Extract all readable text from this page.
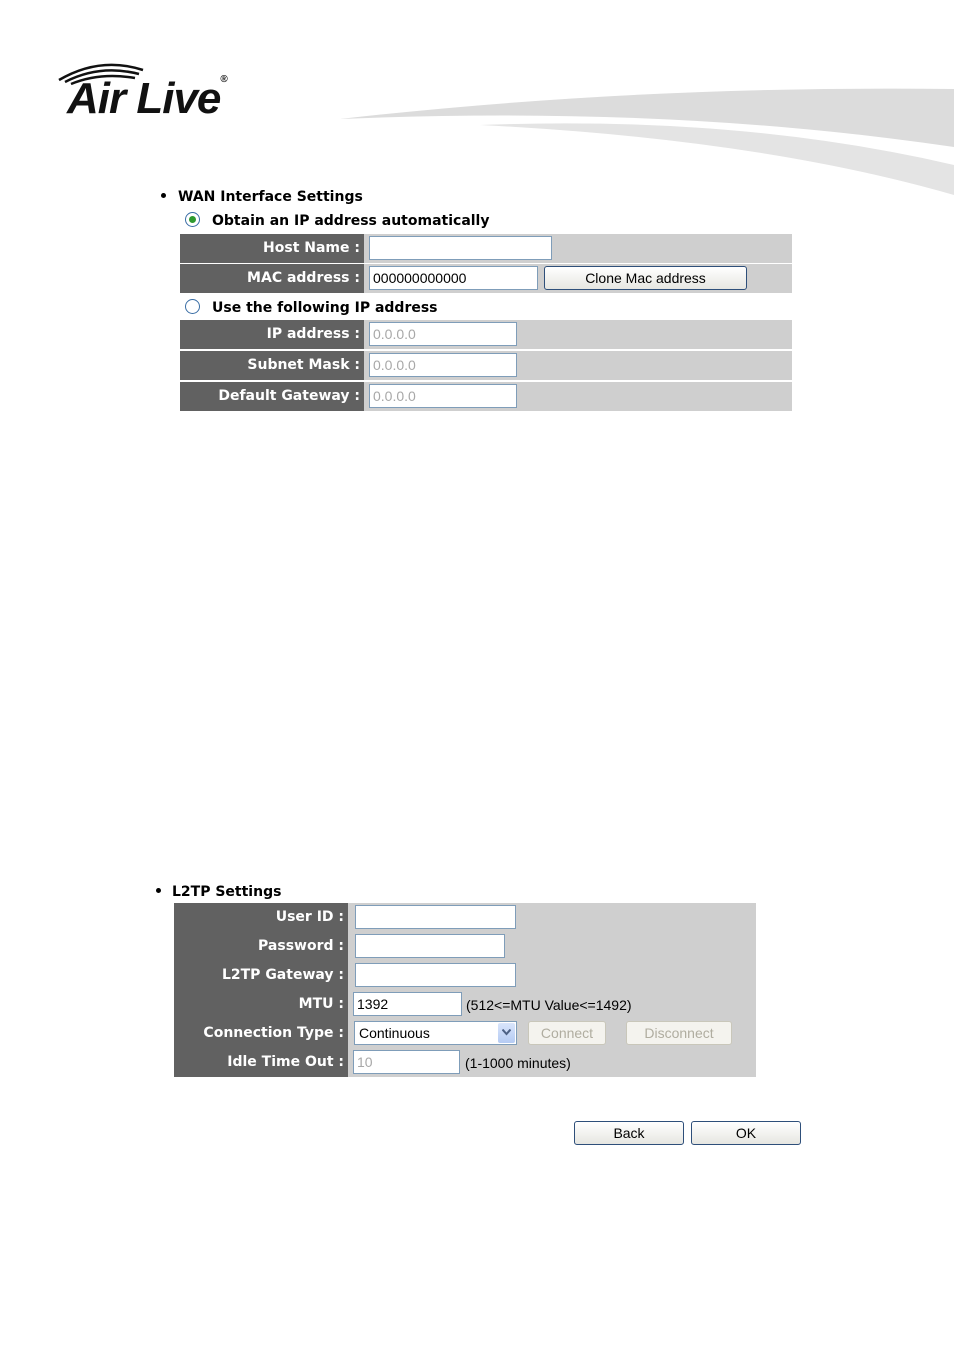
Air Live®
WAN Interface Settings
Obtain an IP address automatically
Host Name :
MAC address : 000000000000	Clone Mac address
Use the following IP address
IP address : 0.0.0.0
Subnet Mask : 0.0.0.0
Default Gateway : 0.0.0.0
L2TP Settings
User ID :
Password :
L2TP Gateway :
MTU : 1392	(512<=MTU Value<=1492)
Connection Type :	Continuous	Connect	Disconnect
Idle Time Out : 10	(1-1000 minutes)
Back	OK
